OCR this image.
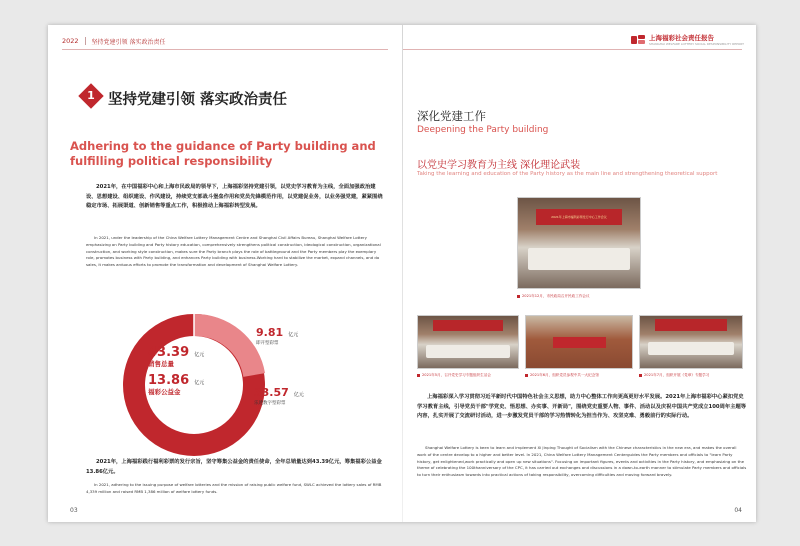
2022 坚持党建引领 落实政治责任
1 坚持党建引领 落实政治责任
Adhering to the guidance of Party building and fulfilling political responsibility
2021年，在中国福彩中心和上海市民政局的领导下，上海福彩坚持党建引领，以党史学习教育为主线，全面加强政治建设、思想建设、组织建设、作风建设，持续党支部战斗堡垒作用和党员先锋模范作用，以党建促业务，以业务强党建，紧紧围绕稳定市场、拓展渠道、创新销售等重点工作，积极推动上海福彩转型发展。
In 2021, under the leadership of the China Welfare Lottery Management Centre and Shanghai Civil Affairs Bureau, Shanghai Welfare Lottery emphasizing on Party building and Party history education, comprehensively strengthens political construction, ideological construction, organizational construction, and working style construction, makes sure the Party branch plays the role of battleground and the Party members play the exemplary role, promotes business with Party building, and enhances Party building with business.Working hard to stabilize the market, expand channels, and do sales, it makes arduous efforts to promote the transformation and development of Shanghai Welfare Lottery.
43.39 亿元
销售总量
13.86 亿元
福彩公益金
9.81 亿元
即开型彩票
33.57 亿元
乐透数字型彩票
2021年，上海福彩践行福利彩票的发行宗旨，坚守筹集公益金的责任使命，全年总销量达到43.39亿元，筹集福彩公益金13.86亿元。
In 2021, adhering to the issuing purpose of welfare lotteries and the mission of raising public welfare fund, SWLC achieved the lottery sales of RMB 4,339 million and raised RMB 1,386 million of welfare lottery funds.
03
上海福彩社会责任报告
SHANGHAI WELFARE LOTTERY SOCIAL RESPONSIBILITY REPORT
深化党建工作
Deepening the Party building
以党史学习教育为主线 深化理论武装
Taking the learning and education of the Party history as the main line and strengthening theoretical support
2021年上海市福利彩票发行中心工作会议
2021年12月，市民政局召开民政工作会议
2021年5月，召开党史学习专题组织生活会	2021年6月，组织党员参观中共一大纪念馆	2021年7月，组织开展《党章》专题学习
上海福彩深入学习贯彻习近平新时代中国特色社会主义思想，助力中心整体工作向更高更好水平发展。2021年上海市福彩中心紧扣党史学习教育主线，引导党员干部"学党史、悟思想、办实事、开新局"，围绕党史重要人物、事件、活动以及庆祝中国共产党成立100周年主题等内容，扎实开展了交流研讨活动，进一步激发党员干部的学习热情转化为担当作为、攻坚克难、勇毅前行的实际行动。
Shanghai Welfare Lottery is keen to learn and implement Xi Jinping Thought of Socialism with the Chinese characteristics in the new era, and makes the overall work of the centre develop to a higher and better level. In 2021, China Welfare Lottery Management Centerguides the Party members and officials to "learn Party history, get enlightened,work practically and open up new situations". Focusing on important figures, events and activities in the Party history, and emphasizing on the theme of celebrating the 100thanniversary of the CPC, it has carried out exchanges and discussions in a down-to-earth manner to stimulate Party members and officials to turn their enthusiasm towards into practical actions of taking responsibility, overcoming difficulties and moving forward bravely.
04
